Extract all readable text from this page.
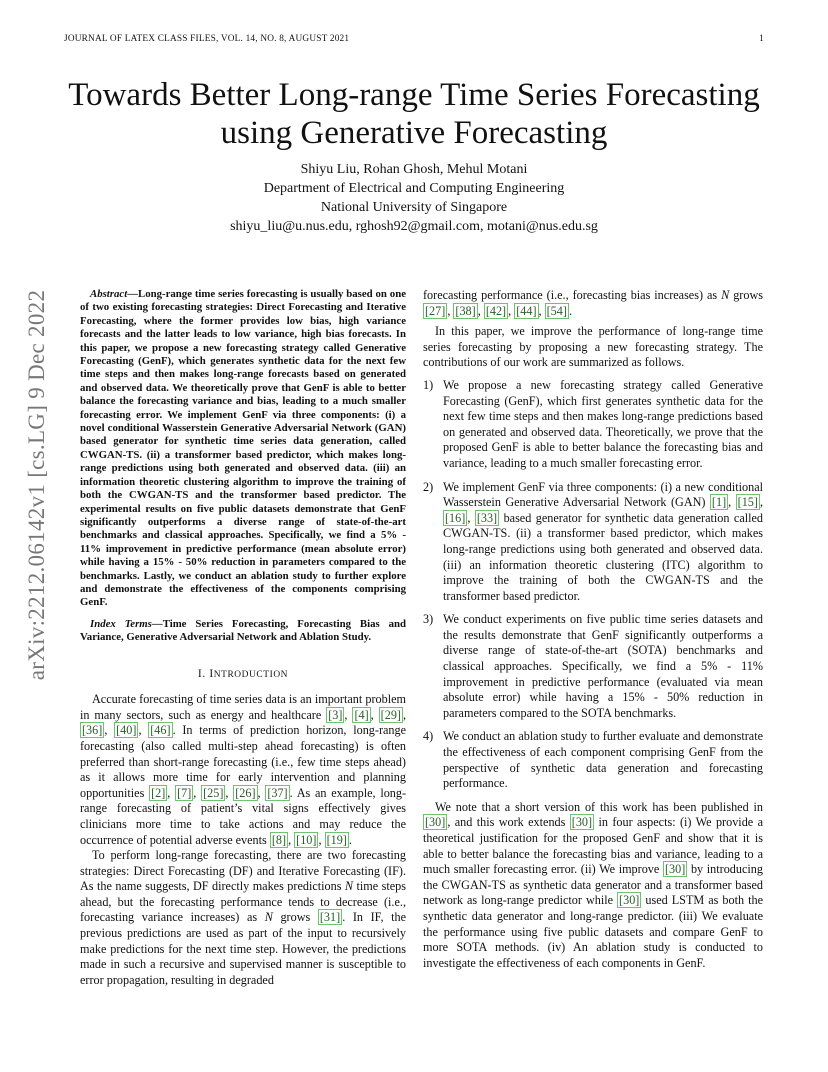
JOURNAL OF LATEX CLASS FILES, VOL. 14, NO. 8, AUGUST 2021	1
arXiv:2212.06142v1 [cs.LG] 9 Dec 2022
Towards Better Long-range Time Series Forecasting
using Generative Forecasting
Shiyu Liu, Rohan Ghosh, Mehul Motani
Department of Electrical and Computing Engineering
National University of Singapore
shiyu_liu@u.nus.edu, rghosh92@gmail.com, motani@nus.edu.sg

Abstract—Long-range time series forecasting is usually based on one of two existing forecasting strategies: Direct Forecasting and Iterative Forecasting, where the former provides low bias, high variance forecasts and the latter leads to low variance, high bias forecasts. In this paper, we propose a new forecasting strategy called Generative Forecasting (GenF), which generates synthetic data for the next few time steps and then makes long-range forecasts based on generated and observed data. We theoretically prove that GenF is able to better balance the forecasting variance and bias, leading to a much smaller forecasting error. We implement GenF via three components: (i) a novel conditional Wasserstein Generative Adversarial Network (GAN) based generator for synthetic time series data generation, called CWGAN-TS. (ii) a transformer based predictor, which makes long-range predictions using both generated and observed data. (iii) an information theoretic clustering algorithm to improve the training of both the CWGAN-TS and the transformer based predictor. The experimental results on five public datasets demonstrate that GenF significantly outperforms a diverse range of state-of-the-art benchmarks and classical approaches. Specifically, we find a 5% - 11% improvement in predictive performance (mean absolute error) while having a 15% - 50% reduction in parameters compared to the benchmarks. Lastly, we conduct an ablation study to further explore and demonstrate the effectiveness of the components comprising GenF.

Index Terms—Time Series Forecasting, Forecasting Bias and Variance, Generative Adversarial Network and Ablation Study.

I. INTRODUCTION

Accurate forecasting of time series data is an important problem in many sectors, such as energy and healthcare [3] , [4] , [29] , [36] , [40] , [46] . In terms of prediction horizon, long-range forecasting (also called multi-step ahead forecasting) is often preferred than short-range forecasting (i.e., few time steps ahead) as it allows more time for early intervention and planning opportunities [2] , [7] , [25] , [26] , [37] . As an example, long-range forecasting of patient’s vital signs effectively gives clinicians more time to take actions and may reduce the occurrence of potential adverse events [8] , [10] , [19] .

To perform long-range forecasting, there are two forecasting strategies: Direct Forecasting (DF) and Iterative Forecasting (IF). As the name suggests, DF directly makes predictions N time steps ahead, but the forecasting performance tends to decrease (i.e., forecasting variance increases) as N grows [31] . In IF, the previous predictions are used as part of the input to recursively make predictions for the next time step. However, the predictions made in such a recursive and supervised manner is susceptible to error propagation, resulting in degraded

forecasting performance (i.e., forecasting bias increases) as N grows [27] , [38] , [42] , [44] , [54] .

In this paper, we improve the performance of long-range time series forecasting by proposing a new forecasting strategy. The contributions of our work are summarized as follows.

1) We propose a new forecasting strategy called Generative Forecasting (GenF), which first generates synthetic data for the next few time steps and then makes long-range predictions based on generated and observed data. Theoretically, we prove that the proposed GenF is able to better balance the forecasting bias and variance, leading to a much smaller forecasting error.
2) We implement GenF via three components: (i) a new conditional Wasserstein Generative Adversarial Network (GAN) [1] , [15] , [16] , [33] based generator for synthetic data generation called CWGAN-TS. (ii) a transformer based predictor, which makes long-range predictions using both generated and observed data. (iii) an information theoretic clustering (ITC) algorithm to improve the training of both the CWGAN-TS and the transformer based predictor.
3) We conduct experiments on five public time series datasets and the results demonstrate that GenF significantly outperforms a diverse range of state-of-the-art (SOTA) benchmarks and classical approaches. Specifically, we find a 5% - 11% improvement in predictive performance (evaluated via mean absolute error) while having a 15% - 50% reduction in parameters compared to the SOTA benchmarks.
4) We conduct an ablation study to further evaluate and demonstrate the effectiveness of each component comprising GenF from the perspective of synthetic data generation and forecasting performance.

We note that a short version of this work has been published in [30] , and this work extends [30] in four aspects: (i) We provide a theoretical justification for the proposed GenF and show that it is able to better balance the forecasting bias and variance, leading to a much smaller forecasting error. (ii) We improve [30] by introducing the CWGAN-TS as synthetic data generator and a transformer based network as long-range predictor while [30] used LSTM as both the synthetic data generator and long-range predictor. (iii) We evaluate the performance using five public datasets and compare GenF to more SOTA methods. (iv) An ablation study is conducted to investigate the effectiveness of each components in GenF.
